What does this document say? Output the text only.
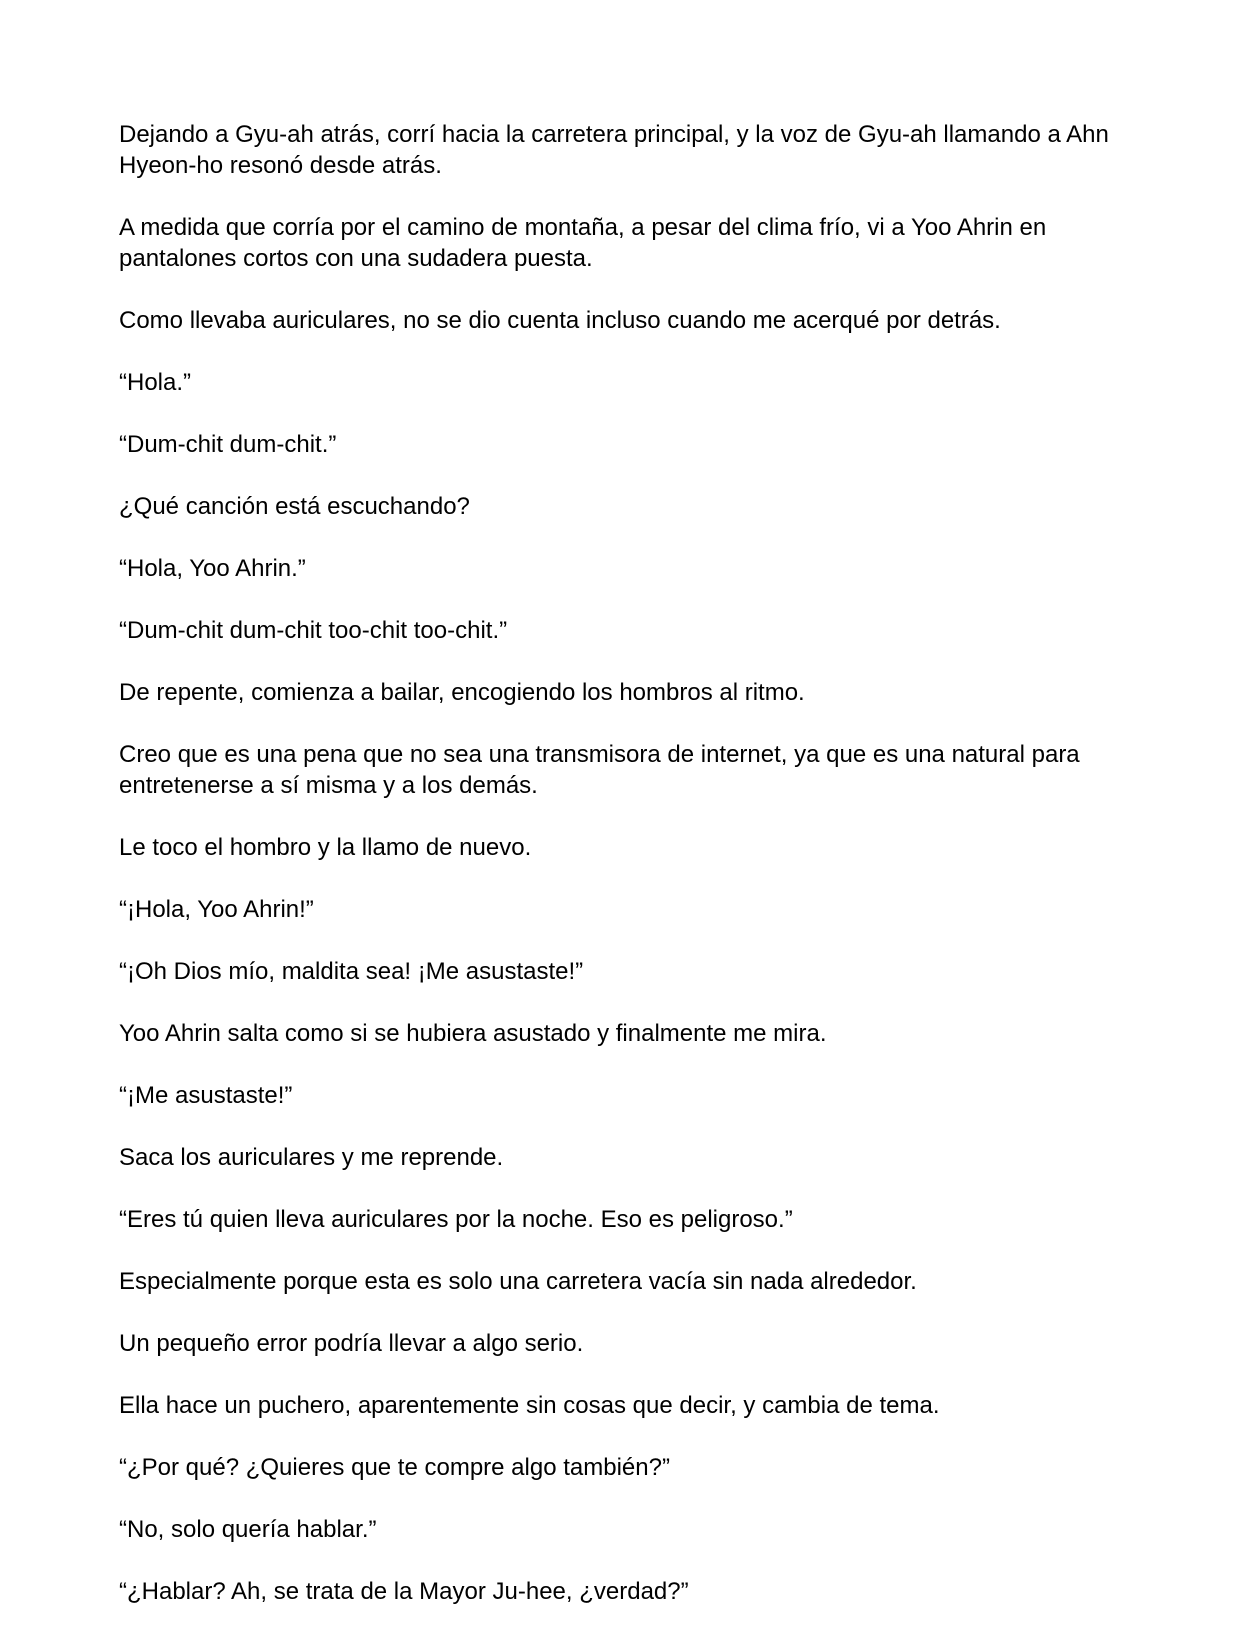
Dejando a Gyu-ah atrás, corrí hacia la carretera principal, y la voz de Gyu-ah llamando a Ahn Hyeon-ho resonó desde atrás.

A medida que corría por el camino de montaña, a pesar del clima frío, vi a Yoo Ahrin en pantalones cortos con una sudadera puesta.

Como llevaba auriculares, no se dio cuenta incluso cuando me acerqué por detrás.

“Hola.”

“Dum-chit dum-chit.”

¿Qué canción está escuchando?

“Hola, Yoo Ahrin.”

“Dum-chit dum-chit too-chit too-chit.”

De repente, comienza a bailar, encogiendo los hombros al ritmo.

Creo que es una pena que no sea una transmisora de internet, ya que es una natural para entretenerse a sí misma y a los demás.

Le toco el hombro y la llamo de nuevo.

“¡Hola, Yoo Ahrin!”

“¡Oh Dios mío, maldita sea! ¡Me asustaste!”

Yoo Ahrin salta como si se hubiera asustado y finalmente me mira.

“¡Me asustaste!”

Saca los auriculares y me reprende.

“Eres tú quien lleva auriculares por la noche. Eso es peligroso.”

Especialmente porque esta es solo una carretera vacía sin nada alrededor.

Un pequeño error podría llevar a algo serio.

Ella hace un puchero, aparentemente sin cosas que decir, y cambia de tema.

“¿Por qué? ¿Quieres que te compre algo también?”

“No, solo quería hablar.”

“¿Hablar? Ah, se trata de la Mayor Ju-hee, ¿verdad?”
